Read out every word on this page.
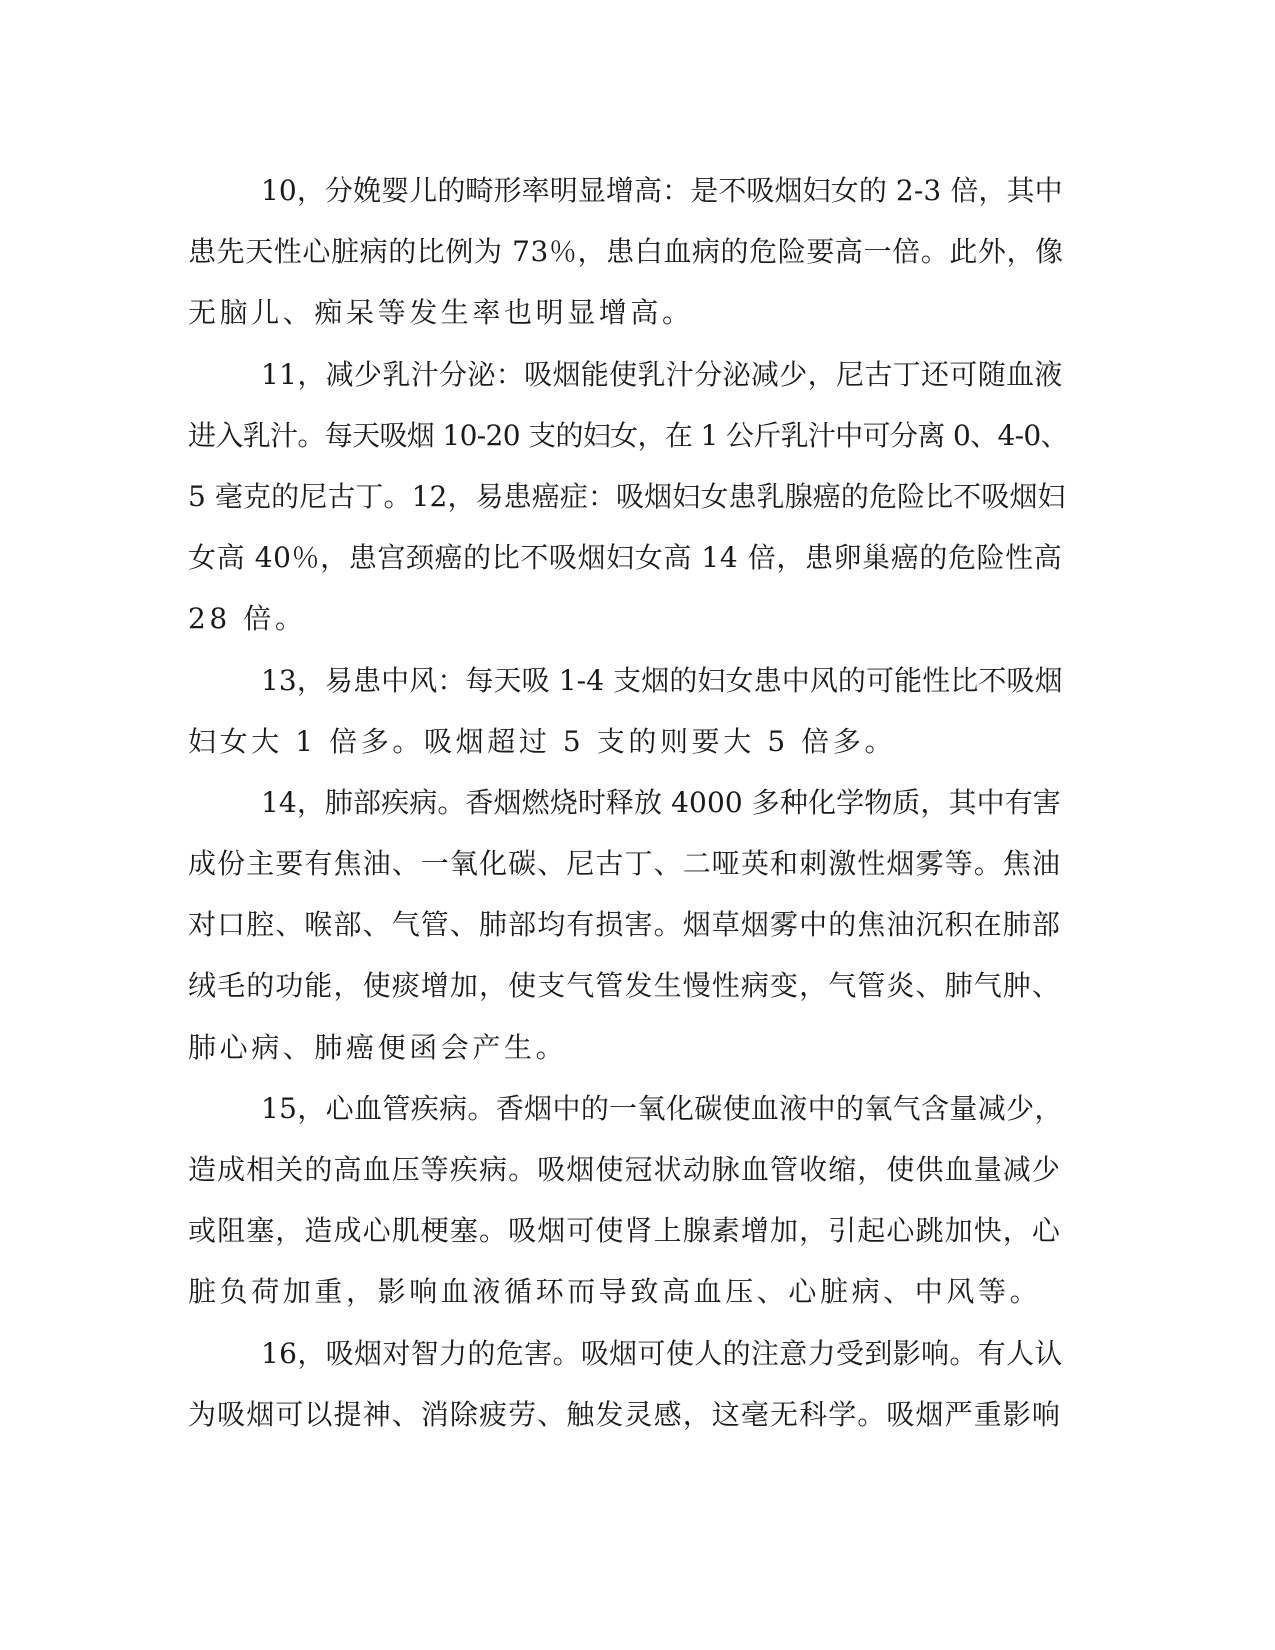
10，分娩婴儿的畸形率明显增高：是不吸烟妇女的 2-3 倍，其中
患先天性心脏病的比例为 73％，患白血病的危险要高一倍。此外，像
无脑儿、痴呆等发生率也明显增高。
11，减少乳汁分泌：吸烟能使乳汁分泌减少，尼古丁还可随血液
进入乳汁。每天吸烟 10-20 支的妇女，在 1 公斤乳汁中可分离 0、4-0、
5 毫克的尼古丁。12，易患癌症：吸烟妇女患乳腺癌的危险比不吸烟妇
女高 40％，患宫颈癌的比不吸烟妇女高 14 倍，患卵巢癌的危险性高
28 倍。
13，易患中风：每天吸 1-4 支烟的妇女患中风的可能性比不吸烟
妇女大 1 倍多。吸烟超过 5 支的则要大 5 倍多。
14，肺部疾病。香烟燃烧时释放 4000 多种化学物质，其中有害
成份主要有焦油、一氧化碳、尼古丁、二哑英和刺激性烟雾等。焦油
对口腔、喉部、气管、肺部均有损害。烟草烟雾中的焦油沉积在肺部
绒毛的功能，使痰增加，使支气管发生慢性病变，气管炎、肺气肿、
肺心病、肺癌便函会产生。
15，心血管疾病。香烟中的一氧化碳使血液中的氧气含量减少，
造成相关的高血压等疾病。吸烟使冠状动脉血管收缩，使供血量减少
或阻塞，造成心肌梗塞。吸烟可使肾上腺素增加，引起心跳加快，心
脏负荷加重，影响血液循环而导致高血压、心脏病、中风等。
16，吸烟对智力的危害。吸烟可使人的注意力受到影响。有人认
为吸烟可以提神、消除疲劳、触发灵感，这毫无科学。吸烟严重影响
